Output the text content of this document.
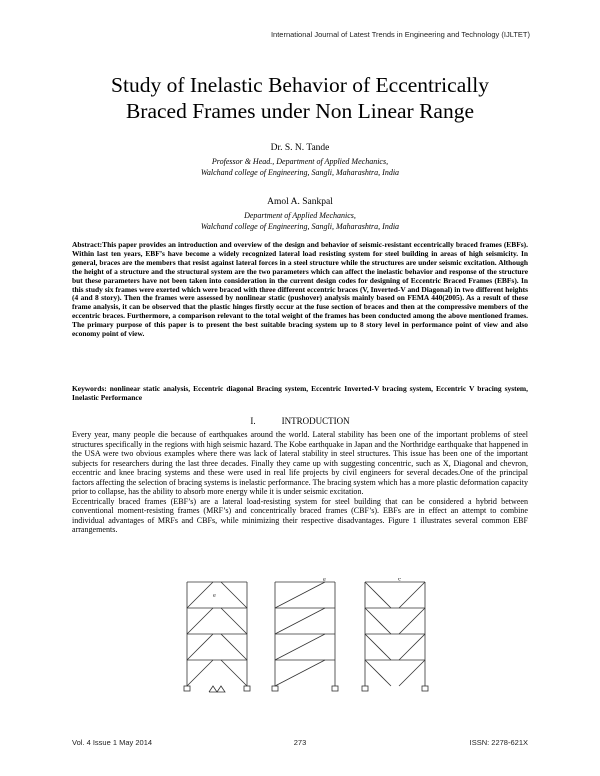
International Journal of Latest Trends in Engineering and Technology (IJLTET)
Study of Inelastic Behavior of Eccentrically
Braced Frames under Non Linear Range
Dr. S. N. Tande
Professor & Head., Department of Applied Mechanics,
Walchand college of Engineering, Sangli, Maharashtra, India
Amol A. Sankpal
Department of Applied Mechanics,
Walchand college of Engineering, Sangli, Maharashtra, India

Abstract:This paper provides an introduction and overview of the design and behavior of seismic-resistant eccentrically braced frames (EBFs). Within last ten years, EBF’s have become a widely recognized lateral load resisting system for steel building in areas of high seismicity. In general, braces are the members that resist against lateral forces in a steel structure while the structures are under seismic excitation. Although the height of a structure and the structural system are the two parameters which can affect the inelastic behavior and response of the structure but these parameters have not been taken into consideration in the current design codes for designing of Eccentric Braced Frames (EBFs). In this study six frames were exerted which were braced with three different eccentric braces (V, Inverted-V and Diagonal) in two different heights (4 and 8 story). Then the frames were assessed by nonlinear static (pushover) analysis mainly based on FEMA 440(2005). As a result of these frame analysis, it can be observed that the plastic hinges firstly occur at the fuse section of braces and then at the compressive members of the eccentric braces. Furthermore, a comparison relevant to the total weight of the frames has been conducted among the above mentioned frames. The primary purpose of this paper is to present the best suitable bracing system up to 8 story level in performance point of view and also economy point of view.

Keywords: nonlinear static analysis, Eccentric diagonal Bracing system, Eccentric Inverted-V bracing system, Eccentric V bracing system, Inelastic Performance

I.	INTRODUCTION

Every year, many people die because of earthquakes around the world. Lateral stability has been one of the important problems of steel structures specifically in the regions with high seismic hazard. The Kobe earthquake in Japan and the Northridge earthquake that happened in the USA were two obvious examples where there was lack of lateral stability in steel structures. This issue has been one of the important subjects for researchers during the last three decades. Finally they came up with suggesting concentric, such as X, Diagonal and chevron, eccentric and knee bracing systems and these were used in real life projects by civil engineers for several decades.One of the principal factors affecting the selection of bracing systems is inelastic performance. The bracing system which has a more plastic deformation capacity prior to collapse, has the ability to absorb more energy while it is under seismic excitation.

Eccentrically braced frames (EBF’s) are a lateral load-resisting system for steel building that can be considered a hybrid between conventional moment-resisting frames (MRF’s) and concentrically braced frames (CBF’s). EBFs are in effect an attempt to combine individual advantages of MRFs and CBFs, while minimizing their respective disadvantages. Figure 1 illustrates several common EBF arrangements.

e
e	e
Vol. 4 Issue 1 May 2014	273	ISSN: 2278-621X
